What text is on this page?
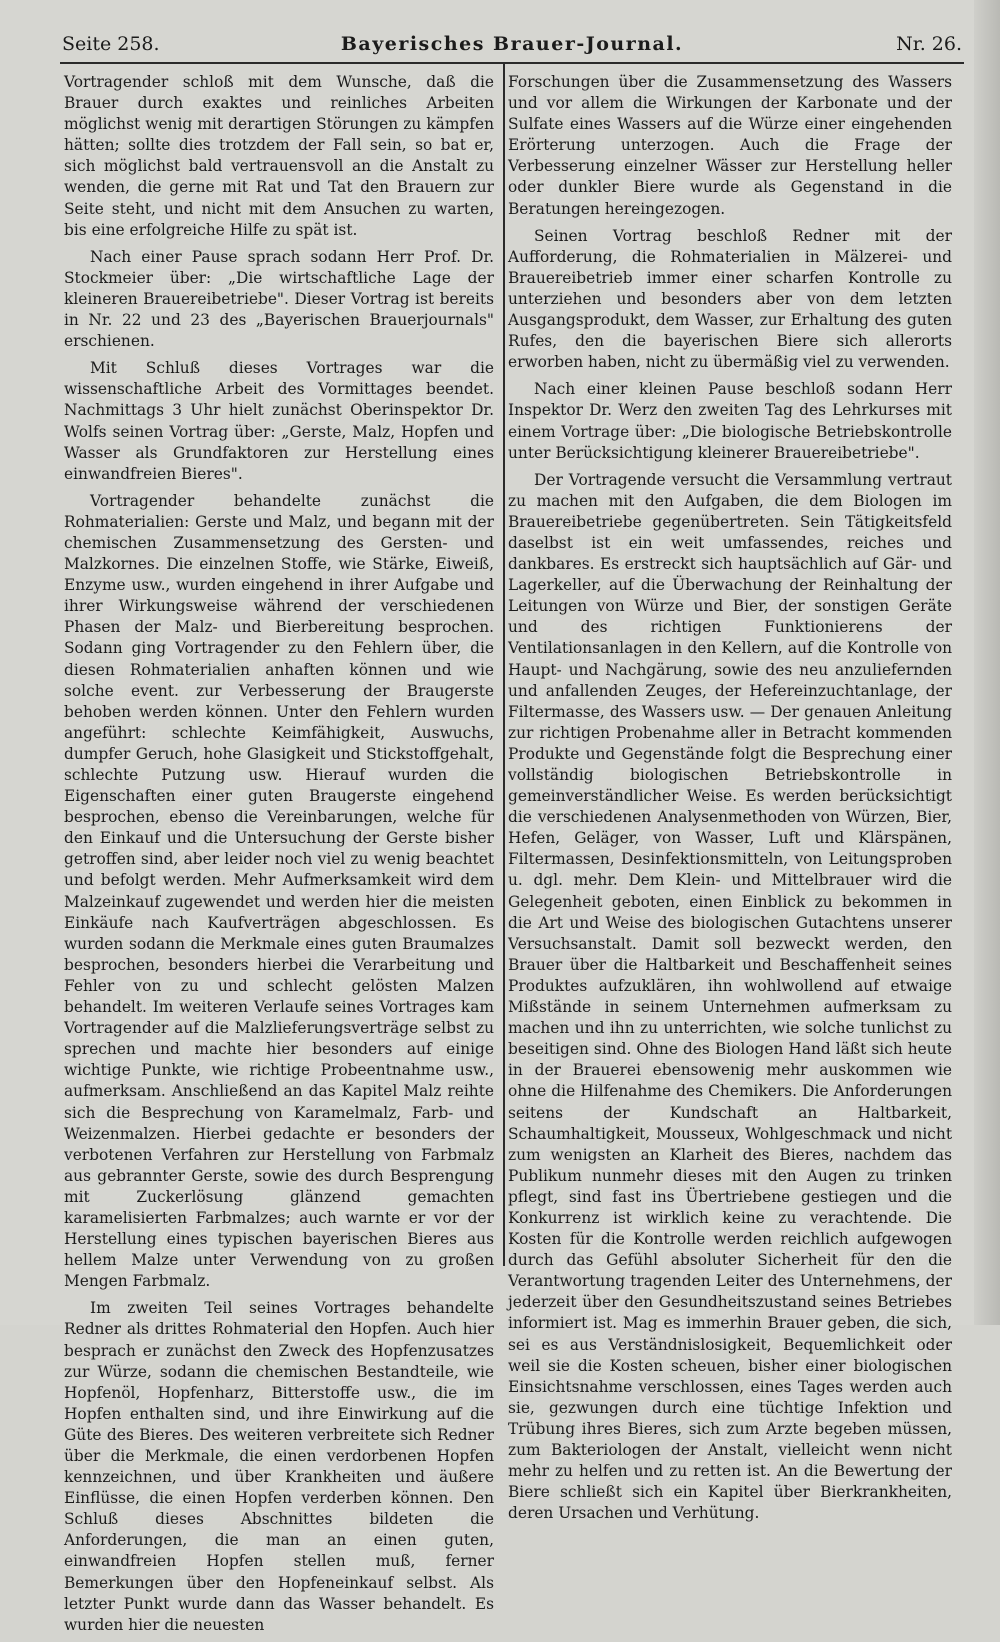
Bayerisches Brauer-Journal.
Seite 258.	Nr. 26.

Vortragender schloß mit dem Wunsche, daß die Brauer durch exaktes und reinliches Arbeiten möglichst wenig mit derartigen Störungen zu kämpfen hätten; sollte dies trotzdem der Fall sein, so bat er, sich möglichst bald vertrauensvoll an die Anstalt zu wenden, die gerne mit Rat und Tat den Brauern zur Seite steht, und nicht mit dem Ansuchen zu warten, bis eine erfolgreiche Hilfe zu spät ist.

Nach einer Pause sprach sodann Herr Prof. Dr. Stockmeier über: „Die wirtschaftliche Lage der kleineren Brauereibetriebe". Dieser Vortrag ist bereits in Nr. 22 und 23 des „Bayerischen Brauerjournals" erschienen.

Mit Schluß dieses Vortrages war die wissenschaftliche Arbeit des Vormittages beendet. Nachmittags 3 Uhr hielt zunächst Oberinspektor Dr. Wolfs seinen Vortrag über: „Gerste, Malz, Hopfen und Wasser als Grundfaktoren zur Herstellung eines einwandfreien Bieres".

Vortragender behandelte zunächst die Rohmaterialien: Gerste und Malz, und begann mit der chemischen Zusammensetzung des Gersten- und Malzkornes. Die einzelnen Stoffe, wie Stärke, Eiweiß, Enzyme usw., wurden eingehend in ihrer Aufgabe und ihrer Wirkungsweise während der verschiedenen Phasen der Malz- und Bierbereitung besprochen. Sodann ging Vortragender zu den Fehlern über, die diesen Rohmaterialien anhaften können und wie solche event. zur Verbesserung der Braugerste behoben werden können. Unter den Fehlern wurden angeführt: schlechte Keimfähigkeit, Auswuchs, dumpfer Geruch, hohe Glasigkeit und Stickstoffgehalt, schlechte Putzung usw. Hierauf wurden die Eigenschaften einer guten Braugerste eingehend besprochen, ebenso die Vereinbarungen, welche für den Einkauf und die Untersuchung der Gerste bisher getroffen sind, aber leider noch viel zu wenig beachtet und befolgt werden. Mehr Aufmerksamkeit wird dem Malzeinkauf zugewendet und werden hier die meisten Einkäufe nach Kaufverträgen abgeschlossen. Es wurden sodann die Merkmale eines guten Braumalzes besprochen, besonders hierbei die Verarbeitung und Fehler von zu und schlecht gelösten Malzen behandelt. Im weiteren Verlaufe seines Vortrages kam Vortragender auf die Malzlieferungsverträge selbst zu sprechen und machte hier besonders auf einige wichtige Punkte, wie richtige Probeentnahme usw., aufmerksam. Anschließend an das Kapitel Malz reihte sich die Besprechung von Karamelmalz, Farb- und Weizenmalzen. Hierbei gedachte er besonders der verbotenen Verfahren zur Herstellung von Farbmalz aus gebrannter Gerste, sowie des durch Besprengung mit Zuckerlösung glänzend gemachten karamelisierten Farbmalzes; auch warnte er vor der Herstellung eines typischen bayerischen Bieres aus hellem Malze unter Verwendung von zu großen Mengen Farbmalz.

Im zweiten Teil seines Vortrages behandelte Redner als drittes Rohmaterial den Hopfen. Auch hier besprach er zunächst den Zweck des Hopfenzusatzes zur Würze, sodann die chemischen Bestandteile, wie Hopfenöl, Hopfenharz, Bitterstoffe usw., die im Hopfen enthalten sind, und ihre Einwirkung auf die Güte des Bieres. Des weiteren verbreitete sich Redner über die Merkmale, die einen verdorbenen Hopfen kennzeichnen, und über Krankheiten und äußere Einflüsse, die einen Hopfen verderben können. Den Schluß dieses Abschnittes bildeten die Anforderungen, die man an einen guten, einwandfreien Hopfen stellen muß, ferner Bemerkungen über den Hopfeneinkauf selbst. Als letzter Punkt wurde dann das Wasser behandelt. Es wurden hier die neuesten

Forschungen über die Zusammensetzung des Wassers und vor allem die Wirkungen der Karbonate und der Sulfate eines Wassers auf die Würze einer eingehenden Erörterung unterzogen. Auch die Frage der Verbesserung einzelner Wässer zur Herstellung heller oder dunkler Biere wurde als Gegenstand in die Beratungen hereingezogen.

Seinen Vortrag beschloß Redner mit der Aufforderung, die Rohmaterialien in Mälzerei- und Brauereibetrieb immer einer scharfen Kontrolle zu unterziehen und besonders aber von dem letzten Ausgangsprodukt, dem Wasser, zur Erhaltung des guten Rufes, den die bayerischen Biere sich allerorts erworben haben, nicht zu übermäßig viel zu verwenden.

Nach einer kleinen Pause beschloß sodann Herr Inspektor Dr. Werz den zweiten Tag des Lehrkurses mit einem Vortrage über: „Die biologische Betriebskontrolle unter Berücksichtigung kleinerer Brauereibetriebe".

Der Vortragende versucht die Versammlung vertraut zu machen mit den Aufgaben, die dem Biologen im Brauereibetriebe gegenübertreten. Sein Tätigkeitsfeld daselbst ist ein weit umfassendes, reiches und dankbares. Es erstreckt sich hauptsächlich auf Gär- und Lagerkeller, auf die Überwachung der Reinhaltung der Leitungen von Würze und Bier, der sonstigen Geräte und des richtigen Funktionierens der Ventilationsanlagen in den Kellern, auf die Kontrolle von Haupt- und Nachgärung, sowie des neu anzuliefernden und anfallenden Zeuges, der Hefereinzuchtanlage, der Filtermasse, des Wassers usw. — Der genauen Anleitung zur richtigen Probenahme aller in Betracht kommenden Produkte und Gegenstände folgt die Besprechung einer vollständig biologischen Betriebskontrolle in gemeinverständlicher Weise. Es werden berücksichtigt die verschiedenen Analysenmethoden von Würzen, Bier, Hefen, Geläger, von Wasser, Luft und Klärspänen, Filtermassen, Desinfektionsmitteln, von Leitungsproben u. dgl. mehr. Dem Klein- und Mittelbrauer wird die Gelegenheit geboten, einen Einblick zu bekommen in die Art und Weise des biologischen Gutachtens unserer Versuchsanstalt. Damit soll bezweckt werden, den Brauer über die Haltbarkeit und Beschaffenheit seines Produktes aufzuklären, ihn wohlwollend auf etwaige Mißstände in seinem Unternehmen aufmerksam zu machen und ihn zu unterrichten, wie solche tunlichst zu beseitigen sind. Ohne des Biologen Hand läßt sich heute in der Brauerei ebensowenig mehr auskommen wie ohne die Hilfenahme des Chemikers. Die Anforderungen seitens der Kundschaft an Haltbarkeit, Schaumhaltigkeit, Mousseux, Wohlgeschmack und nicht zum wenigsten an Klarheit des Bieres, nachdem das Publikum nunmehr dieses mit den Augen zu trinken pflegt, sind fast ins Übertriebene gestiegen und die Konkurrenz ist wirklich keine zu verachtende. Die Kosten für die Kontrolle werden reichlich aufgewogen durch das Gefühl absoluter Sicherheit für den die Verantwortung tragenden Leiter des Unternehmens, der jederzeit über den Gesundheitszustand seines Betriebes informiert ist. Mag es immerhin Brauer geben, die sich, sei es aus Verständnislosigkeit, Bequemlichkeit oder weil sie die Kosten scheuen, bisher einer biologischen Einsichtsnahme verschlossen, eines Tages werden auch sie, gezwungen durch eine tüchtige Infektion und Trübung ihres Bieres, sich zum Arzte begeben müssen, zum Bakteriologen der Anstalt, vielleicht wenn nicht mehr zu helfen und zu retten ist. An die Bewertung der Biere schließt sich ein Kapitel über Bierkrankheiten, deren Ursachen und Verhütung.
